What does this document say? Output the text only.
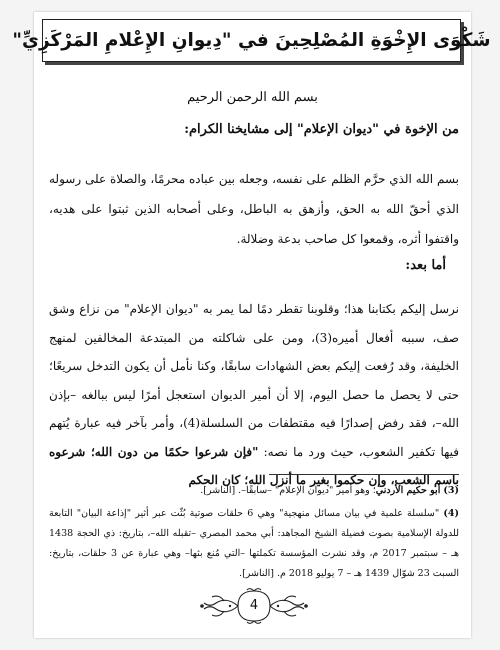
شَكْوَى الإِخْوَةِ المُصْلِحِينَ في "دِيوانِ الإِعْلامِ المَرْكَزِيِّ"
بسم الله الرحمن الرحيم
من الإخوة في "ديوان الإعلام" إلى مشايخنا الكرام:
بسم الله الذي حرَّم الظلم على نفسه، وجعله بين عباده محرمًا، والصلاة على رسوله الذي أحقّ الله به الحق، وأزهق به الباطل، وعلى أصحابه الذين ثبتوا على هديه، واقتفوا أثره، وقمعوا كل صاحب بدعة وضلالة.
أما بعد:
نرسل إليكم بكتابنا هذا؛ وقلوبنا تقطر دمًا لما يمر به "ديوان الإعلام" من نزاع وشق صف، سببه أفعال أميره(3)، ومن على شاكلته من المبتدعة المخالفين لمنهج الخليفة، وقد رُفعت إليكم بعض الشهادات سابقًا، وكنا نأمل أن يكون التدخل سريعًا؛ حتى لا يحصل ما حصل اليوم، إلا أن أمير الديوان استعجل أمرًا ليس ببالغه –بإذن الله–، فقد رفض إصدارًا فيه مقتطفات من السلسلة(4)، وأمر بآخر فيه عبارة يُتهم فيها تكفير الشعوب، حيث ورد ما نصه: "فإن شرعوا حكمًا من دون الله؛ شرعوه باسم الشعب، وإن حكموا بغير ما أنزل الله؛ كان الحكم
(3) أبو حكيم الأردني؛ وهو أمير "ديوان الإعلام" –سابقًا–. [الناشر].
(4) "سلسلة علمية في بيان مسائل منهجية" وهي 6 حلقات صوتية بُثّت عبر أثير "إذاعة البيان" التابعة للدولة الإسلامية بصوت فضيلة الشيخ المجاهد: أبي محمد المصري –تقبله الله–، بتاريخ: ذي الحجة 1438 هـ – سبتمبر 2017 م، وقد نشرت المؤسسة تكملتها –التي مُنع بثها– وهي عبارة عن 3 حلقات، بتاريخ: السبت 23 شوّال 1439 هـ – 7 يوليو 2018 م. [الناشر].
4
